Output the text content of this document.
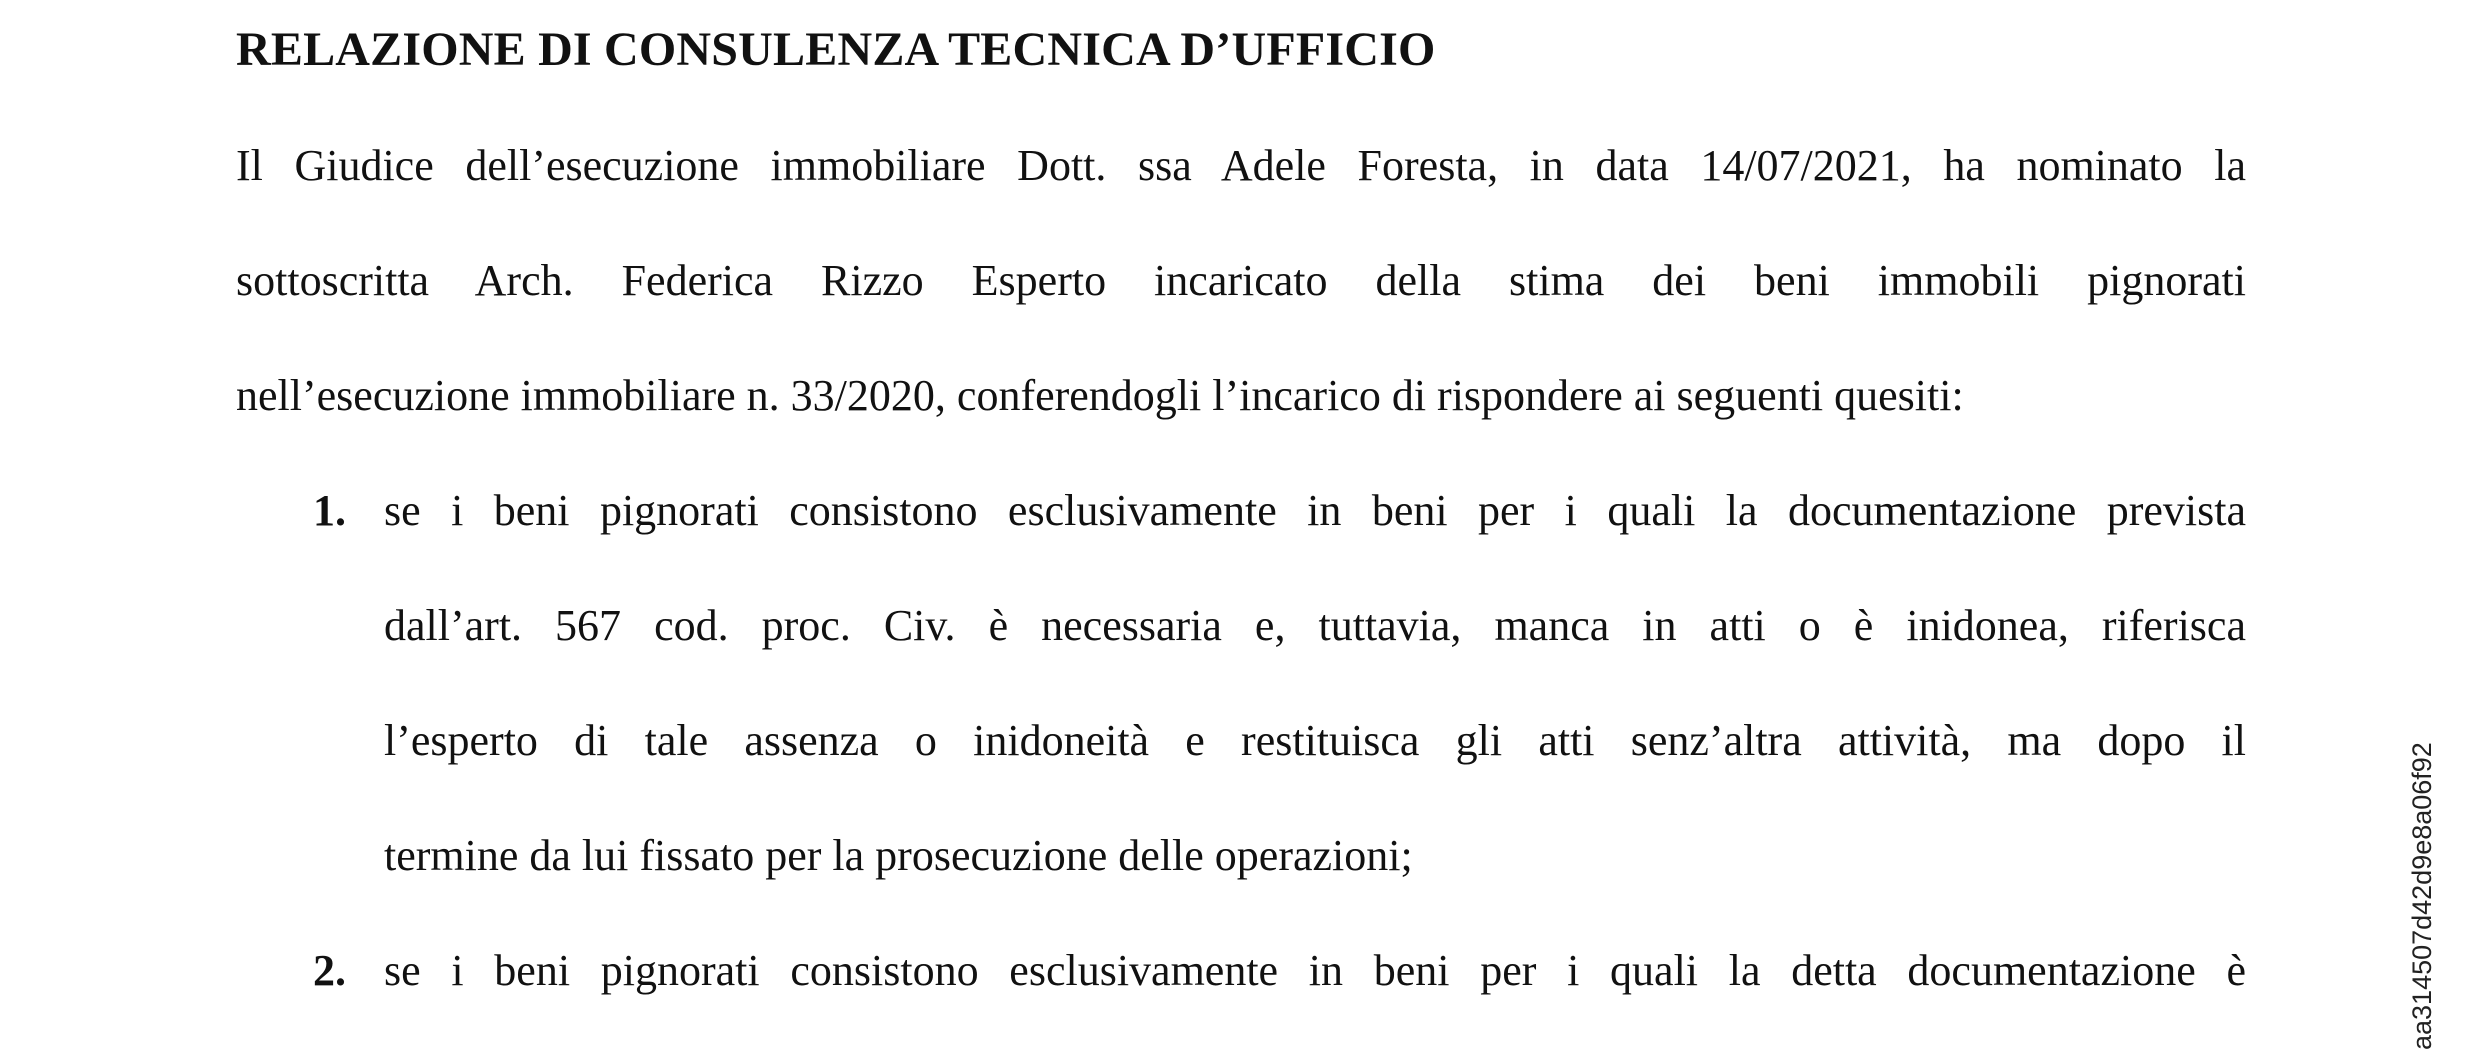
RELAZIONE DI CONSULENZA TECNICA D’UFFICIO

Il Giudice dell’esecuzione immobiliare Dott. ssa Adele Foresta, in data 14/07/2021, ha nominato la
sottoscritta Arch. Federica Rizzo Esperto incaricato della stima dei beni immobili pignorati
nell’esecuzione immobiliare n. 33/2020, conferendogli l’incarico di rispondere ai seguenti quesiti:

1. se i beni pignorati consistono esclusivamente in beni per i quali la documentazione prevista
dall’art. 567 cod. proc. Civ. è necessaria e, tuttavia, manca in atti o è inidonea, riferisca
l’esperto di tale assenza o inidoneità e restituisca gli atti senz’altra attività, ma dopo il
termine da lui fissato per la prosecuzione delle operazioni;
2. se i beni pignorati consistono esclusivamente in beni per i quali la detta documentazione è	aa314507d42d9e8a06f92
